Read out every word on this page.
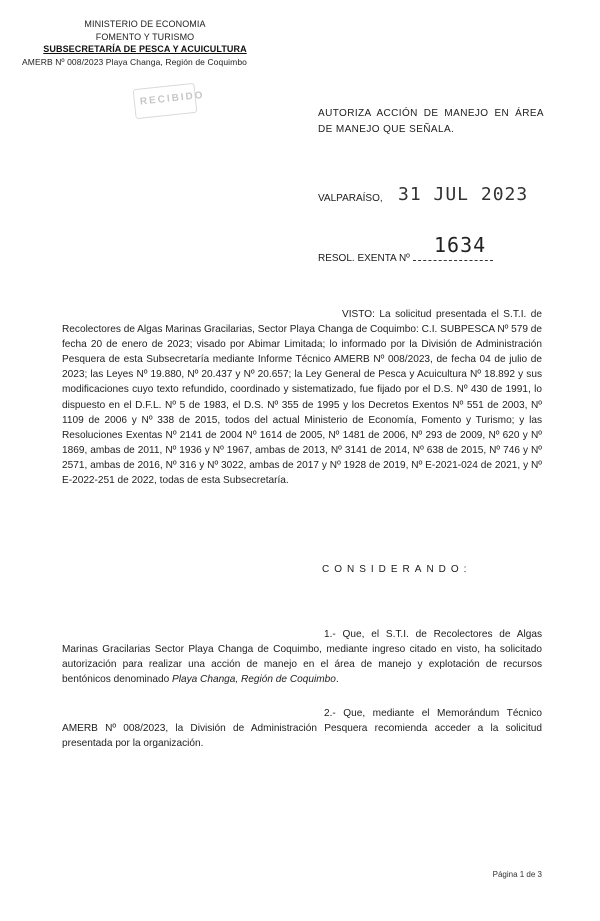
MINISTERIO DE ECONOMIA
FOMENTO Y TURISMO
SUBSECRETARÍA DE PESCA Y ACUICULTURA
AMERB Nº 008/2023 Playa Changa, Región de Coquimbo
RECIBIDO
AUTORIZA ACCIÓN DE MANEJO EN ÁREA DE MANEJO QUE SEÑALA.
VALPARAÍSO, 31 JUL 2023
RESOL. EXENTA Nº
1634
VISTO: La solicitud presentada el S.T.I. de Recolectores de Algas Marinas Gracilarias, Sector Playa Changa de Coquimbo: C.I. SUBPESCA Nº 579 de fecha 20 de enero de 2023; visado por Abimar Limitada; lo informado por la División de Administración Pesquera de esta Subsecretaría mediante Informe Técnico AMERB Nº 008/2023, de fecha 04 de julio de 2023; las Leyes Nº 19.880, Nº 20.437 y Nº 20.657; la Ley General de Pesca y Acuicultura Nº 18.892 y sus modificaciones cuyo texto refundido, coordinado y sistematizado, fue fijado por el D.S. Nº 430 de 1991, lo dispuesto en el D.F.L. Nº 5 de 1983, el D.S. Nº 355 de 1995 y los Decretos Exentos Nº 551 de 2003, Nº 1109 de 2006 y Nº 338 de 2015, todos del actual Ministerio de Economía, Fomento y Turismo; y las Resoluciones Exentas Nº 2141 de 2004 Nº 1614 de 2005, Nº 1481 de 2006, Nº 293 de 2009, Nº 620 y Nº 1869, ambas de 2011, Nº 1936 y Nº 1967, ambas de 2013, Nº 3141 de 2014, Nº 638 de 2015, Nº 746 y Nº 2571, ambas de 2016, Nº 316 y Nº 3022, ambas de 2017 y Nº 1928 de 2019, Nº E-2021-024 de 2021, y Nº E-2022-251 de 2022, todas de esta Subsecretaría.
CONSIDERANDO:
1.- Que, el S.T.I. de Recolectores de Algas Marinas Gracilarias Sector Playa Changa de Coquimbo, mediante ingreso citado en visto, ha solicitado autorización para realizar una acción de manejo en el área de manejo y explotación de recursos bentónicos denominado Playa Changa, Región de Coquimbo.
2.- Que, mediante el Memorándum Técnico AMERB Nº 008/2023, la División de Administración Pesquera recomienda acceder a la solicitud presentada por la organización.
Página 1 de 3
